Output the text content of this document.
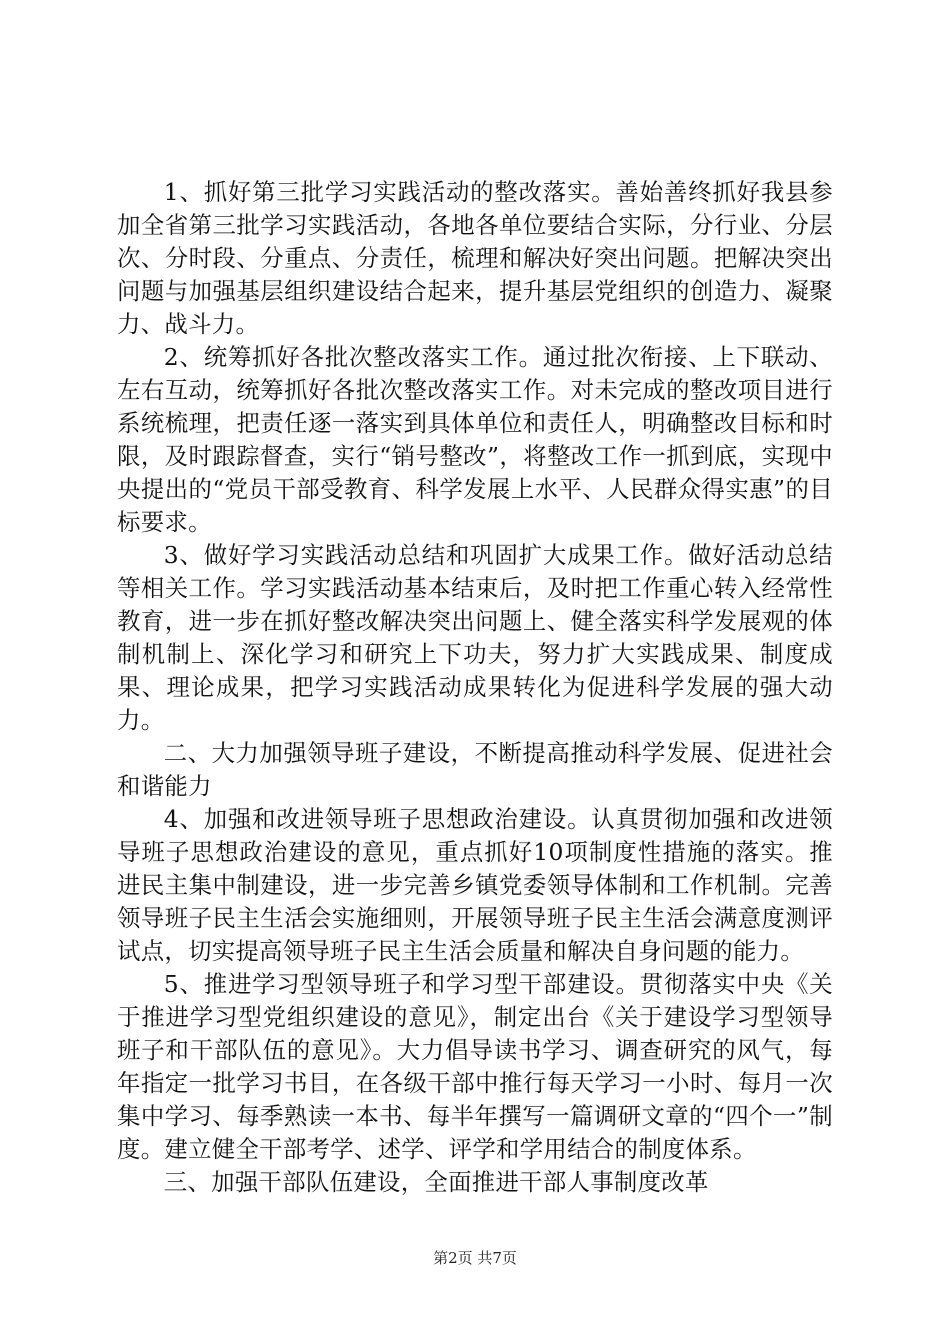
1、抓好第三批学习实践活动的整改落实。善始善终抓好我县参加全省第三批学习实践活动，各地各单位要结合实际，分行业、分层次、分时段、分重点、分责任，梳理和解决好突出问题。把解决突出问题与加强基层组织建设结合起来，提升基层党组织的创造力、凝聚力、战斗力。

2、统筹抓好各批次整改落实工作。通过批次衔接、上下联动、左右互动，统筹抓好各批次整改落实工作。对未完成的整改项目进行系统梳理，把责任逐一落实到具体单位和责任人，明确整改目标和时限，及时跟踪督查，实行“销号整改”，将整改工作一抓到底，实现中央提出的“党员干部受教育、科学发展上水平、人民群众得实惠”的目标要求。

3、做好学习实践活动总结和巩固扩大成果工作。做好活动总结等相关工作。学习实践活动基本结束后，及时把工作重心转入经常性教育，进一步在抓好整改解决突出问题上、健全落实科学发展观的体制机制上、深化学习和研究上下功夫，努力扩大实践成果、制度成果、理论成果，把学习实践活动成果转化为促进科学发展的强大动力。

二、大力加强领导班子建设，不断提高推动科学发展、促进社会和谐能力

4、加强和改进领导班子思想政治建设。认真贯彻加强和改进领导班子思想政治建设的意见，重点抓好10项制度性措施的落实。推进民主集中制建设，进一步完善乡镇党委领导体制和工作机制。完善领导班子民主生活会实施细则，开展领导班子民主生活会满意度测评试点，切实提高领导班子民主生活会质量和解决自身问题的能力。

5、推进学习型领导班子和学习型干部建设。贯彻落实中央《关于推进学习型党组织建设的意见》，制定出台《关于建设学习型领导班子和干部队伍的意见》。大力倡导读书学习、调查研究的风气，每年指定一批学习书目，在各级干部中推行每天学习一小时、每月一次集中学习、每季熟读一本书、每半年撰写一篇调研文章的“四个一”制度。建立健全干部考学、述学、评学和学用结合的制度体系。

三、加强干部队伍建设，全面推进干部人事制度改革

第2页 共7页
